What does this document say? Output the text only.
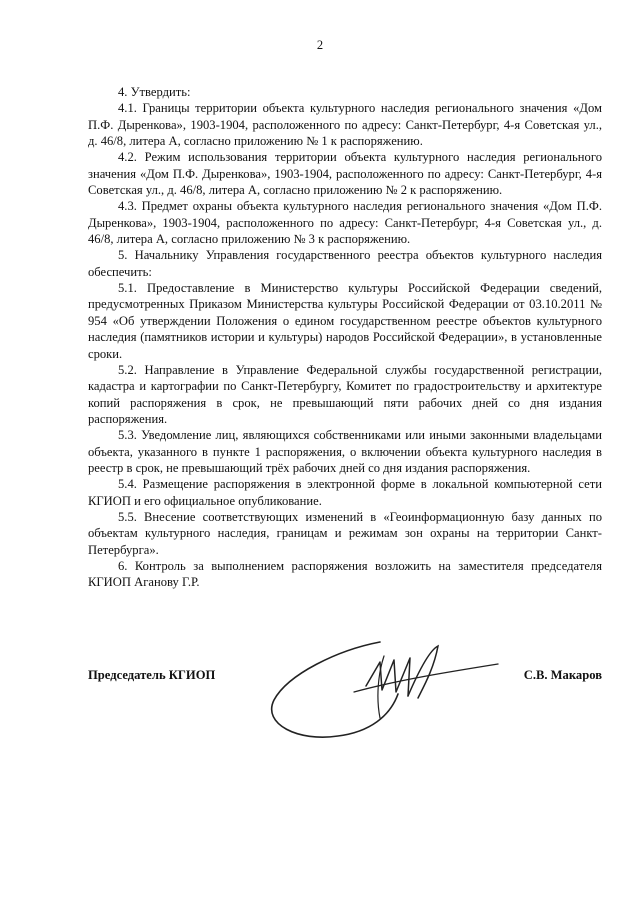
2

4. Утвердить:

4.1. Границы территории объекта культурного наследия регионального значения «Дом П.Ф. Дыренкова», 1903-1904, расположенного по адресу: Санкт-Петербург, 4-я Советская ул., д. 46/8, литера А, согласно приложению № 1 к распоряжению.

4.2. Режим использования территории объекта культурного наследия регионального значения «Дом П.Ф. Дыренкова», 1903-1904, расположенного по адресу: Санкт-Петербург, 4-я Советская ул., д. 46/8, литера А, согласно приложению № 2 к распоряжению.

4.3. Предмет охраны объекта культурного наследия регионального значения «Дом П.Ф. Дыренкова», 1903-1904, расположенного по адресу: Санкт-Петербург, 4-я Советская ул., д. 46/8, литера А, согласно приложению № 3 к распоряжению.

5. Начальнику Управления государственного реестра объектов культурного наследия обеспечить:

5.1. Предоставление в Министерство культуры Российской Федерации сведений, предусмотренных Приказом Министерства культуры Российской Федерации от 03.10.2011 № 954 «Об утверждении Положения о едином государственном реестре объектов культурного наследия (памятников истории и культуры) народов Российской Федерации», в установленные сроки.

5.2. Направление в Управление Федеральной службы государственной регистрации, кадастра и картографии по Санкт-Петербургу, Комитет по градостроительству и архитектуре копий распоряжения в срок, не превышающий пяти рабочих дней со дня издания распоряжения.

5.3. Уведомление лиц, являющихся собственниками или иными законными владельцами объекта, указанного в пункте 1 распоряжения, о включении объекта культурного наследия в реестр в срок, не превышающий трёх рабочих дней со дня издания распоряжения.

5.4. Размещение распоряжения в электронной форме в локальной компьютерной сети КГИОП и его официальное опубликование.

5.5. Внесение соответствующих изменений в «Геоинформационную базу данных по объектам культурного наследия, границам и режимам зон охраны на территории Санкт-Петербурга».

6. Контроль за выполнением распоряжения возложить на заместителя председателя КГИОП Аганову Г.Р.

Председатель КГИОП	С.В. Макаров
